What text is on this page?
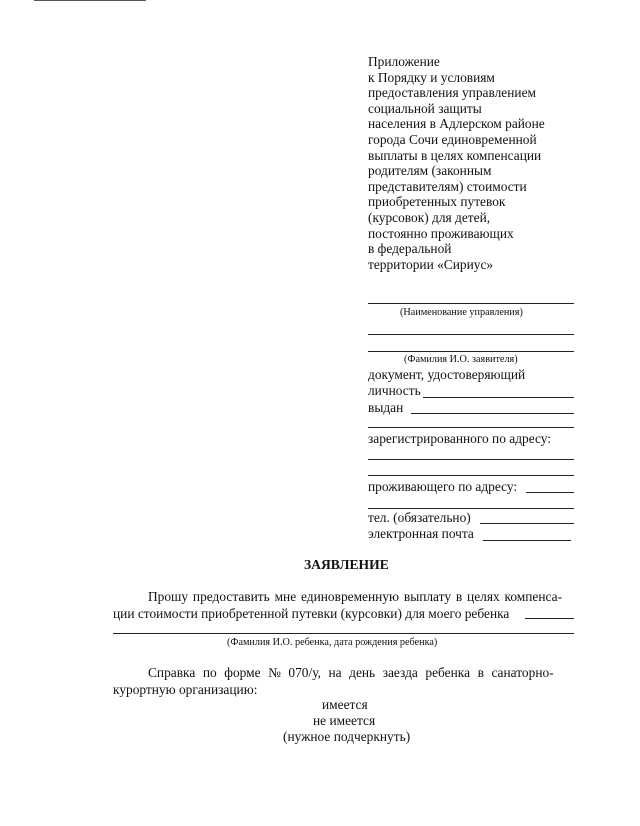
Приложение
к Порядку и условиям
предоставления управлением
социальной защиты
населения в Адлерском районе
города Сочи единовременной
выплаты в целях компенсации
родителям (законным
представителям) стоимости
приобретенных путевок
(курсовок) для детей,
постоянно проживающих
в федеральной
территории «Сириус»
(Наименование управления)
(Фамилия И.О. заявителя)
документ, удостоверяющий
личность
выдан
зарегистрированного по адресу:
проживающего по адресу:
тел. (обязательно)
электронная почта
ЗАЯВЛЕНИЕ
Прошу предоставить мне единовременную выплату в целях компенса-
ции стоимости приобретенной путевки (курсовки) для моего ребенка
(Фамилия И.О. ребенка, дата рождения ребенка)
Справка по форме № 070/у, на день заезда ребенка в санаторно-
курортную организацию:
имеется
не имеется
(нужное подчеркнуть)
